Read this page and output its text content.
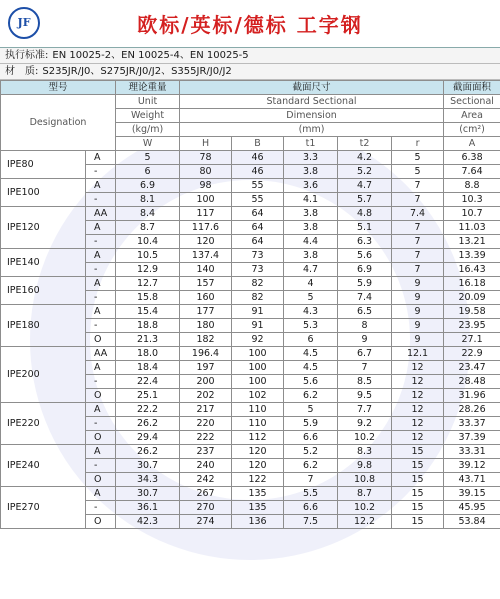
JF	欧标/英标/德标 工字钢
执行标准: EN 10025-2、EN 10025-4、EN 10025-5
材　质: S235JR/J0、S275JR/J0/J2、S355JR/J0/J2
型号		理论重量	截面尺寸					截面面积
Designation		Unit	Standard Sectional					Sectional
		Weight	Dimension					Area
		(kg/m)	(mm)					(cm²)
		W	H	B	t1	t2	r	A
IPE80	A	5	78	46	3.3	4.2	5	6.38
	-	6	80	46	3.8	5.2	5	7.64
IPE100	A	6.9	98	55	3.6	4.7	7	8.8
	-	8.1	100	55	4.1	5.7	7	10.3
IPE120	AA	8.4	117	64	3.8	4.8	7.4	10.7
	A	8.7	117.6	64	3.8	5.1	7	11.03
	-	10.4	120	64	4.4	6.3	7	13.21
IPE140	A	10.5	137.4	73	3.8	5.6	7	13.39
	-	12.9	140	73	4.7	6.9	7	16.43
IPE160	A	12.7	157	82	4	5.9	9	16.18
	-	15.8	160	82	5	7.4	9	20.09
IPE180	A	15.4	177	91	4.3	6.5	9	19.58
	-	18.8	180	91	5.3	8	9	23.95
	O	21.3	182	92	6	9	9	27.1
IPE200	AA	18.0	196.4	100	4.5	6.7	12.1	22.9
	A	18.4	197	100	4.5	7	12	23.47
	-	22.4	200	100	5.6	8.5	12	28.48
	O	25.1	202	102	6.2	9.5	12	31.96
IPE220	A	22.2	217	110	5	7.7	12	28.26
	-	26.2	220	110	5.9	9.2	12	33.37
	O	29.4	222	112	6.6	10.2	12	37.39
IPE240	A	26.2	237	120	5.2	8.3	15	33.31
	-	30.7	240	120	6.2	9.8	15	39.12
	O	34.3	242	122	7	10.8	15	43.71
IPE270	A	30.7	267	135	5.5	8.7	15	39.15
	-	36.1	270	135	6.6	10.2	15	45.95
	O	42.3	274	136	7.5	12.2	15	53.84
